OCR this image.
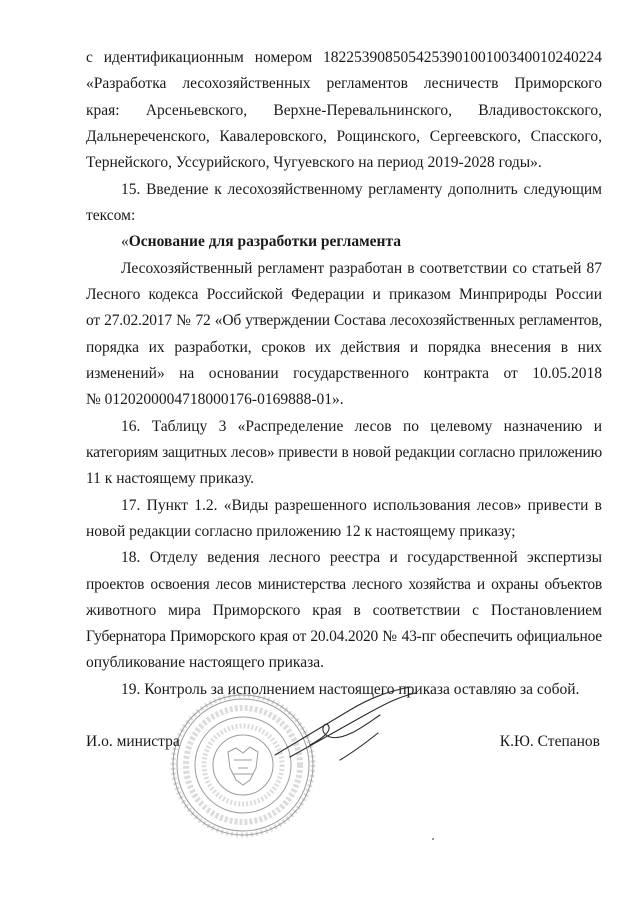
с идентификационным номером 182253908505425390100100340010240224
«Разработка лесохозяйственных регламентов лесничеств Приморского
края: Арсеньевского, Верхне-Перевальнинского, Владивостокского,
Дальнереченского, Кавалеровского, Рощинского, Сергеевского, Спасского,
Тернейского, Уссурийского, Чугуевского на период 2019-2028 годы».
15. Введение к лесохозяйственному регламенту дополнить следующим
тексом:
«Основание для разработки регламента
Лесохозяйственный регламент разработан в соответствии со статьей 87
Лесного кодекса Российской Федерации и приказом Минприроды России
от 27.02.2017 № 72 «Об утверждении Состава лесохозяйственных регламентов,
порядка их разработки, сроков их действия и порядка внесения в них
изменений» на основании государственного контракта от 10.05.2018
№ 0120200004718000176-0169888-01».
16. Таблицу 3 «Распределение лесов по целевому назначению и
категориям защитных лесов» привести в новой редакции согласно приложению
11 к настоящему приказу.
17. Пункт 1.2. «Виды разрешенного использования лесов» привести в
новой редакции согласно приложению 12 к настоящему приказу;
18. Отделу ведения лесного реестра и государственной экспертизы
проектов освоения лесов министерства лесного хозяйства и охраны объектов
животного мира Приморского края в соответствии с Постановлением
Губернатора Приморского края от 20.04.2020 № 43-пг обеспечить официальное
опубликование настоящего приказа.
19. Контроль за исполнением настоящего приказа оставляю за собой.
И.о. министра	К.Ю. Степанов
